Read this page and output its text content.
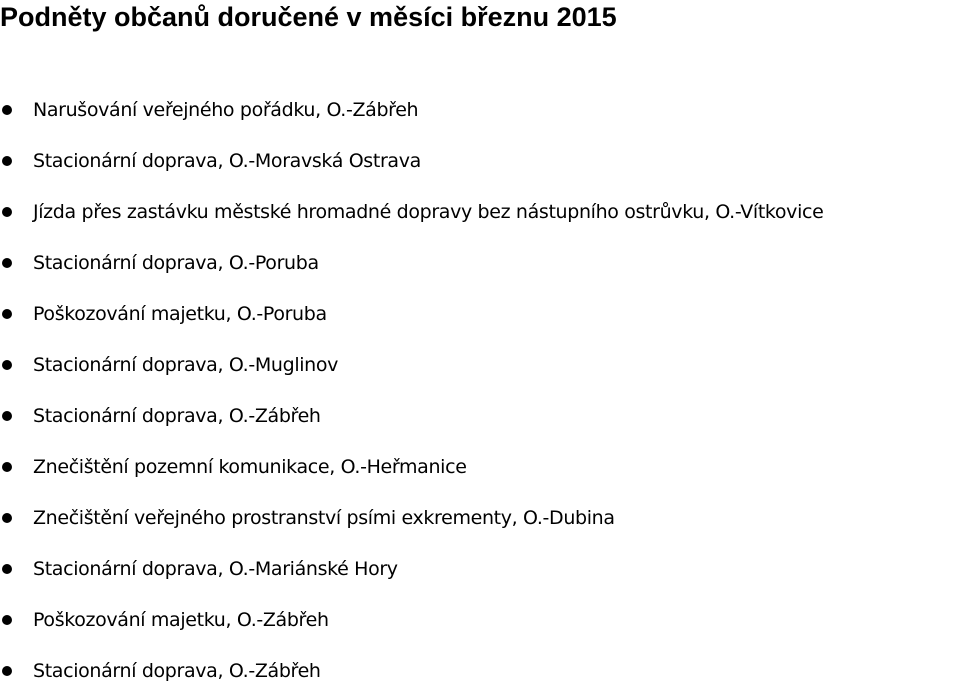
Podněty občanů doručené v měsíci březnu 2015
Narušování veřejného pořádku, O.-Zábřeh
Stacionární doprava, O.-Moravská Ostrava
Jízda přes zastávku městské hromadné dopravy bez nástupního ostrůvku, O.-Vítkovice
Stacionární doprava, O.-Poruba
Poškozování majetku, O.-Poruba
Stacionární doprava, O.-Muglinov
Stacionární doprava, O.-Zábřeh
Znečištění pozemní komunikace, O.-Heřmanice
Znečištění veřejného prostranství psími exkrementy, O.-Dubina
Stacionární doprava, O.-Mariánské Hory
Poškozování majetku, O.-Zábřeh
Stacionární doprava, O.-Zábřeh
